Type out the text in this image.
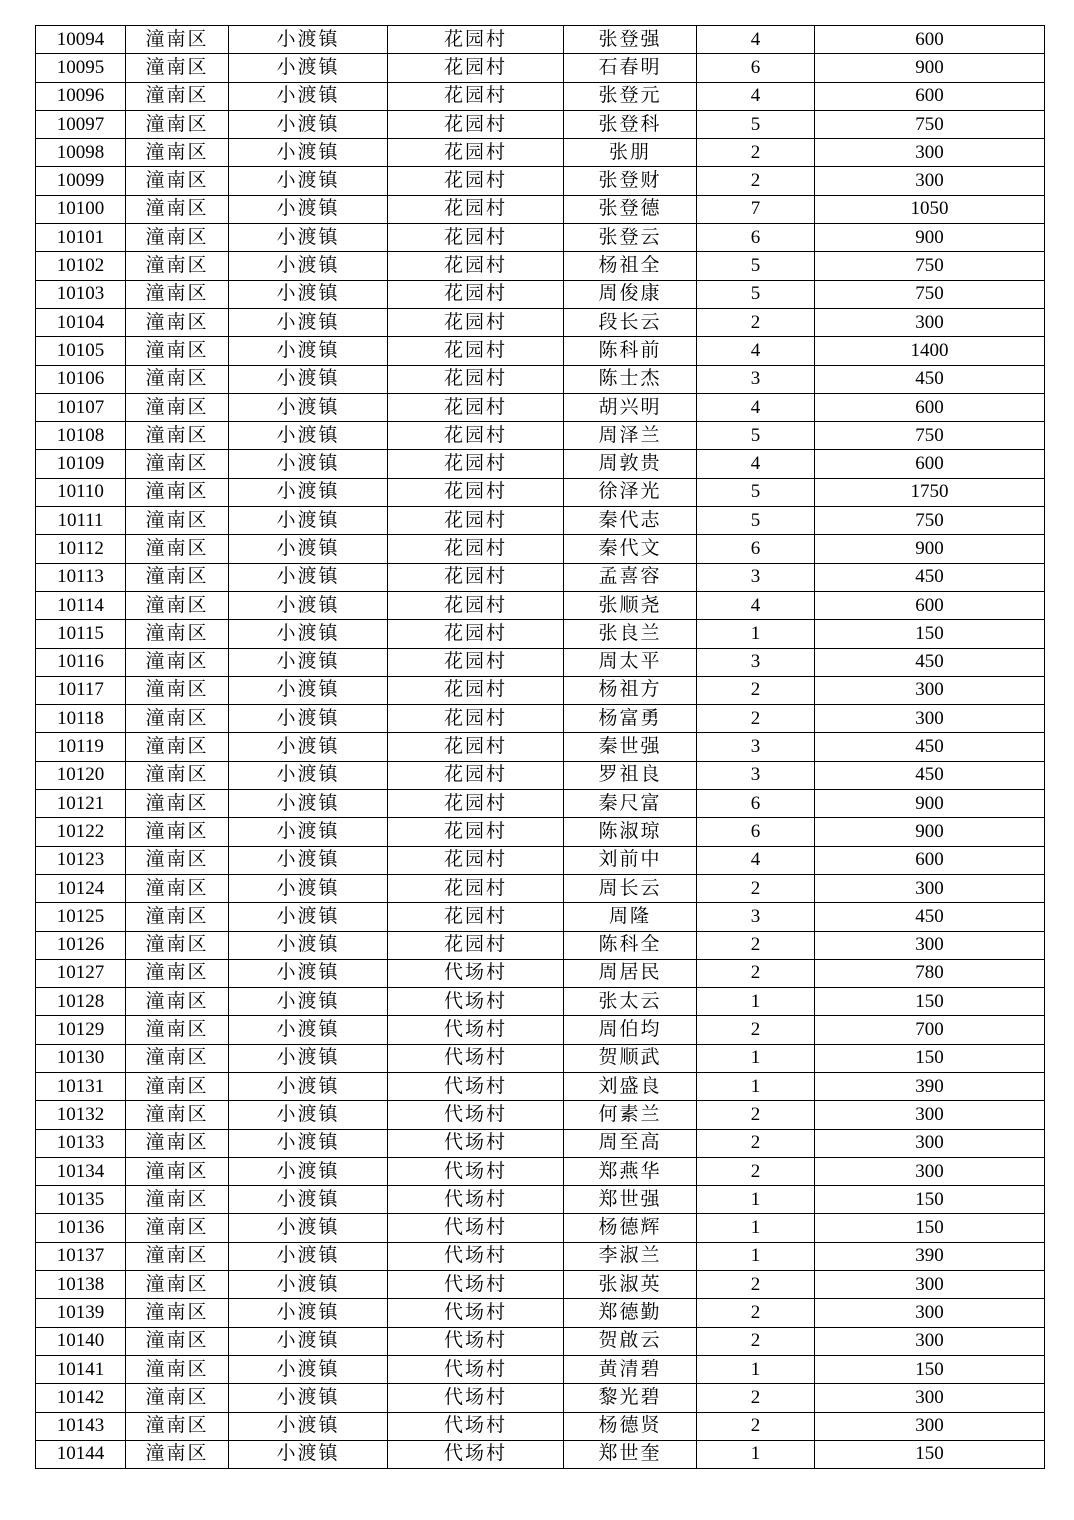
10094	潼南区	小渡镇	花园村	张登强	4	600
10095	潼南区	小渡镇	花园村	石春明	6	900
10096	潼南区	小渡镇	花园村	张登元	4	600
10097	潼南区	小渡镇	花园村	张登科	5	750
10098	潼南区	小渡镇	花园村	张朋	2	300
10099	潼南区	小渡镇	花园村	张登财	2	300
10100	潼南区	小渡镇	花园村	张登德	7	1050
10101	潼南区	小渡镇	花园村	张登云	6	900
10102	潼南区	小渡镇	花园村	杨祖全	5	750
10103	潼南区	小渡镇	花园村	周俊康	5	750
10104	潼南区	小渡镇	花园村	段长云	2	300
10105	潼南区	小渡镇	花园村	陈科前	4	1400
10106	潼南区	小渡镇	花园村	陈士杰	3	450
10107	潼南区	小渡镇	花园村	胡兴明	4	600
10108	潼南区	小渡镇	花园村	周泽兰	5	750
10109	潼南区	小渡镇	花园村	周敦贵	4	600
10110	潼南区	小渡镇	花园村	徐泽光	5	1750
10111	潼南区	小渡镇	花园村	秦代志	5	750
10112	潼南区	小渡镇	花园村	秦代文	6	900
10113	潼南区	小渡镇	花园村	孟喜容	3	450
10114	潼南区	小渡镇	花园村	张顺尧	4	600
10115	潼南区	小渡镇	花园村	张良兰	1	150
10116	潼南区	小渡镇	花园村	周太平	3	450
10117	潼南区	小渡镇	花园村	杨祖方	2	300
10118	潼南区	小渡镇	花园村	杨富勇	2	300
10119	潼南区	小渡镇	花园村	秦世强	3	450
10120	潼南区	小渡镇	花园村	罗祖良	3	450
10121	潼南区	小渡镇	花园村	秦尺富	6	900
10122	潼南区	小渡镇	花园村	陈淑琼	6	900
10123	潼南区	小渡镇	花园村	刘前中	4	600
10124	潼南区	小渡镇	花园村	周长云	2	300
10125	潼南区	小渡镇	花园村	周隆	3	450
10126	潼南区	小渡镇	花园村	陈科全	2	300
10127	潼南区	小渡镇	代场村	周居民	2	780
10128	潼南区	小渡镇	代场村	张太云	1	150
10129	潼南区	小渡镇	代场村	周伯均	2	700
10130	潼南区	小渡镇	代场村	贺顺武	1	150
10131	潼南区	小渡镇	代场村	刘盛良	1	390
10132	潼南区	小渡镇	代场村	何素兰	2	300
10133	潼南区	小渡镇	代场村	周至高	2	300
10134	潼南区	小渡镇	代场村	郑燕华	2	300
10135	潼南区	小渡镇	代场村	郑世强	1	150
10136	潼南区	小渡镇	代场村	杨德辉	1	150
10137	潼南区	小渡镇	代场村	李淑兰	1	390
10138	潼南区	小渡镇	代场村	张淑英	2	300
10139	潼南区	小渡镇	代场村	郑德勤	2	300
10140	潼南区	小渡镇	代场村	贺啟云	2	300
10141	潼南区	小渡镇	代场村	黄清碧	1	150
10142	潼南区	小渡镇	代场村	黎光碧	2	300
10143	潼南区	小渡镇	代场村	杨德贤	2	300
10144	潼南区	小渡镇	代场村	郑世奎	1	150
